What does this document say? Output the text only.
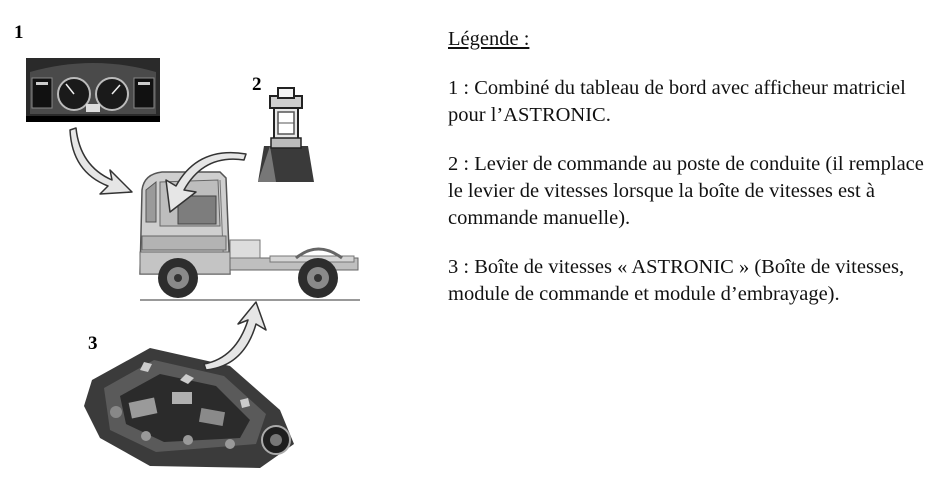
1
2
3
Légende :

1 : Combiné du tableau de bord avec afficheur matriciel pour l’ASTRONIC.

2 : Levier de commande au poste de conduite (il remplace le levier de vitesses lorsque la boîte de vitesses est à commande manuelle).

3 : Boîte de vitesses « ASTRONIC » (Boîte de vitesses, module de commande et module d’embrayage).
